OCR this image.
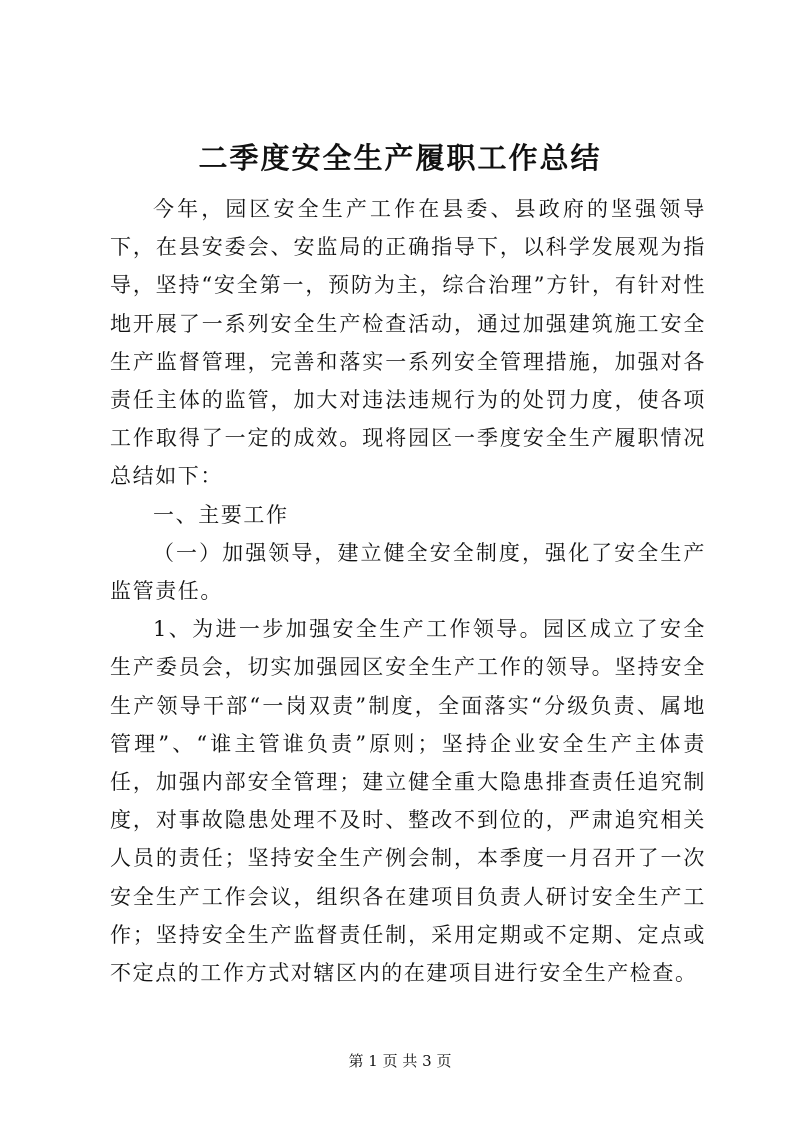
二季度安全生产履职工作总结

今年，园区安全生产工作在县委、县政府的坚强领导下，在县安委会、安监局的正确指导下，以科学发展观为指导，坚持“安全第一，预防为主，综合治理”方针，有针对性地开展了一系列安全生产检查活动，通过加强建筑施工安全生产监督管理，完善和落实一系列安全管理措施，加强对各责任主体的监管，加大对违法违规行为的处罚力度，使各项工作取得了一定的成效。现将园区一季度安全生产履职情况总结如下：

一、主要工作

（一）加强领导，建立健全安全制度，强化了安全生产监管责任。

1、为进一步加强安全生产工作领导。园区成立了安全生产委员会，切实加强园区安全生产工作的领导。坚持安全生产领导干部“一岗双责”制度，全面落实“分级负责、属地管理”、“谁主管谁负责”原则；坚持企业安全生产主体责任，加强内部安全管理；建立健全重大隐患排查责任追究制度，对事故隐患处理不及时、整改不到位的，严肃追究相关人员的责任；坚持安全生产例会制，本季度一月召开了一次安全生产工作会议，组织各在建项目负责人研讨安全生产工作；坚持安全生产监督责任制，采用定期或不定期、定点或不定点的工作方式对辖区内的在建项目进行安全生产检查。

第 1 页 共 3 页
